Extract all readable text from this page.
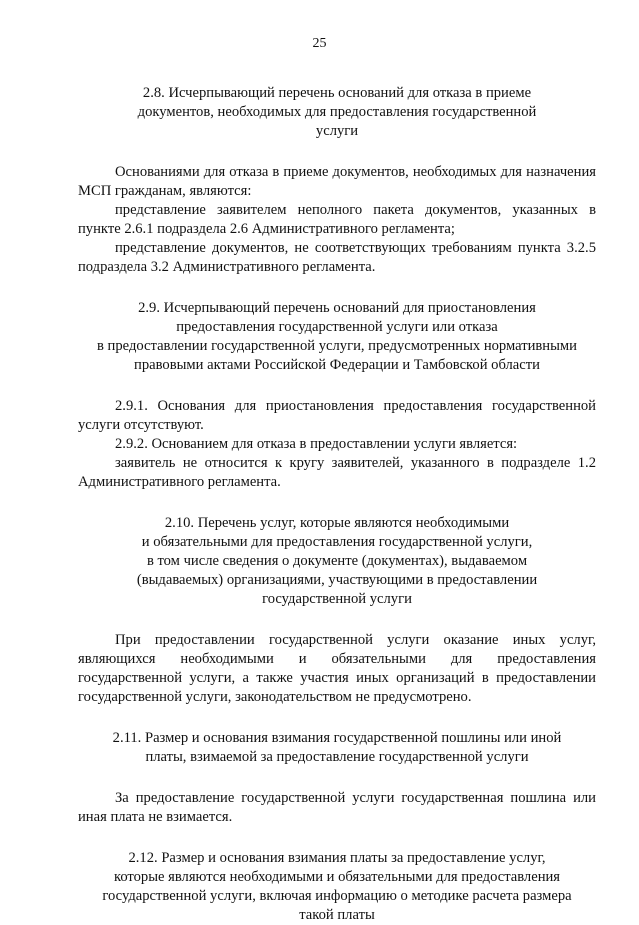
25
2.8. Исчерпывающий перечень оснований для отказа в приеме
документов, необходимых для предоставления государственной
услуги

Основаниями для отказа в приеме документов, необходимых для назначения МСП гражданам, являются:

представление заявителем неполного пакета документов, указанных в пункте 2.6.1 подраздела 2.6 Административного регламента;

представление документов, не соответствующих требованиям пункта 3.2.5 подраздела 3.2 Административного регламента.

2.9. Исчерпывающий перечень оснований для приостановления
предоставления государственной услуги или отказа
в предоставлении государственной услуги, предусмотренных нормативными
правовыми актами Российской Федерации и Тамбовской области

2.9.1. Основания для приостановления предоставления государственной услуги отсутствуют.

2.9.2. Основанием для отказа в предоставлении услуги является:

заявитель не относится к кругу заявителей, указанного в подразделе 1.2 Административного регламента.

2.10. Перечень услуг, которые являются необходимыми
и обязательными для предоставления государственной услуги,
в том числе сведения о документе (документах), выдаваемом
(выдаваемых) организациями, участвующими в предоставлении
государственной услуги

При предоставлении государственной услуги оказание иных услуг, являющихся необходимыми и обязательными для предоставления государственной услуги, а также участия иных организаций в предоставлении государственной услуги, законодательством не предусмотрено.

2.11. Размер и основания взимания государственной пошлины или иной
платы, взимаемой за предоставление государственной услуги

За предоставление государственной услуги государственная пошлина или иная плата не взимается.

2.12. Размер и основания взимания платы за предоставление услуг,
которые являются необходимыми и обязательными для предоставления
государственной услуги, включая информацию о методике расчета размера
такой платы
